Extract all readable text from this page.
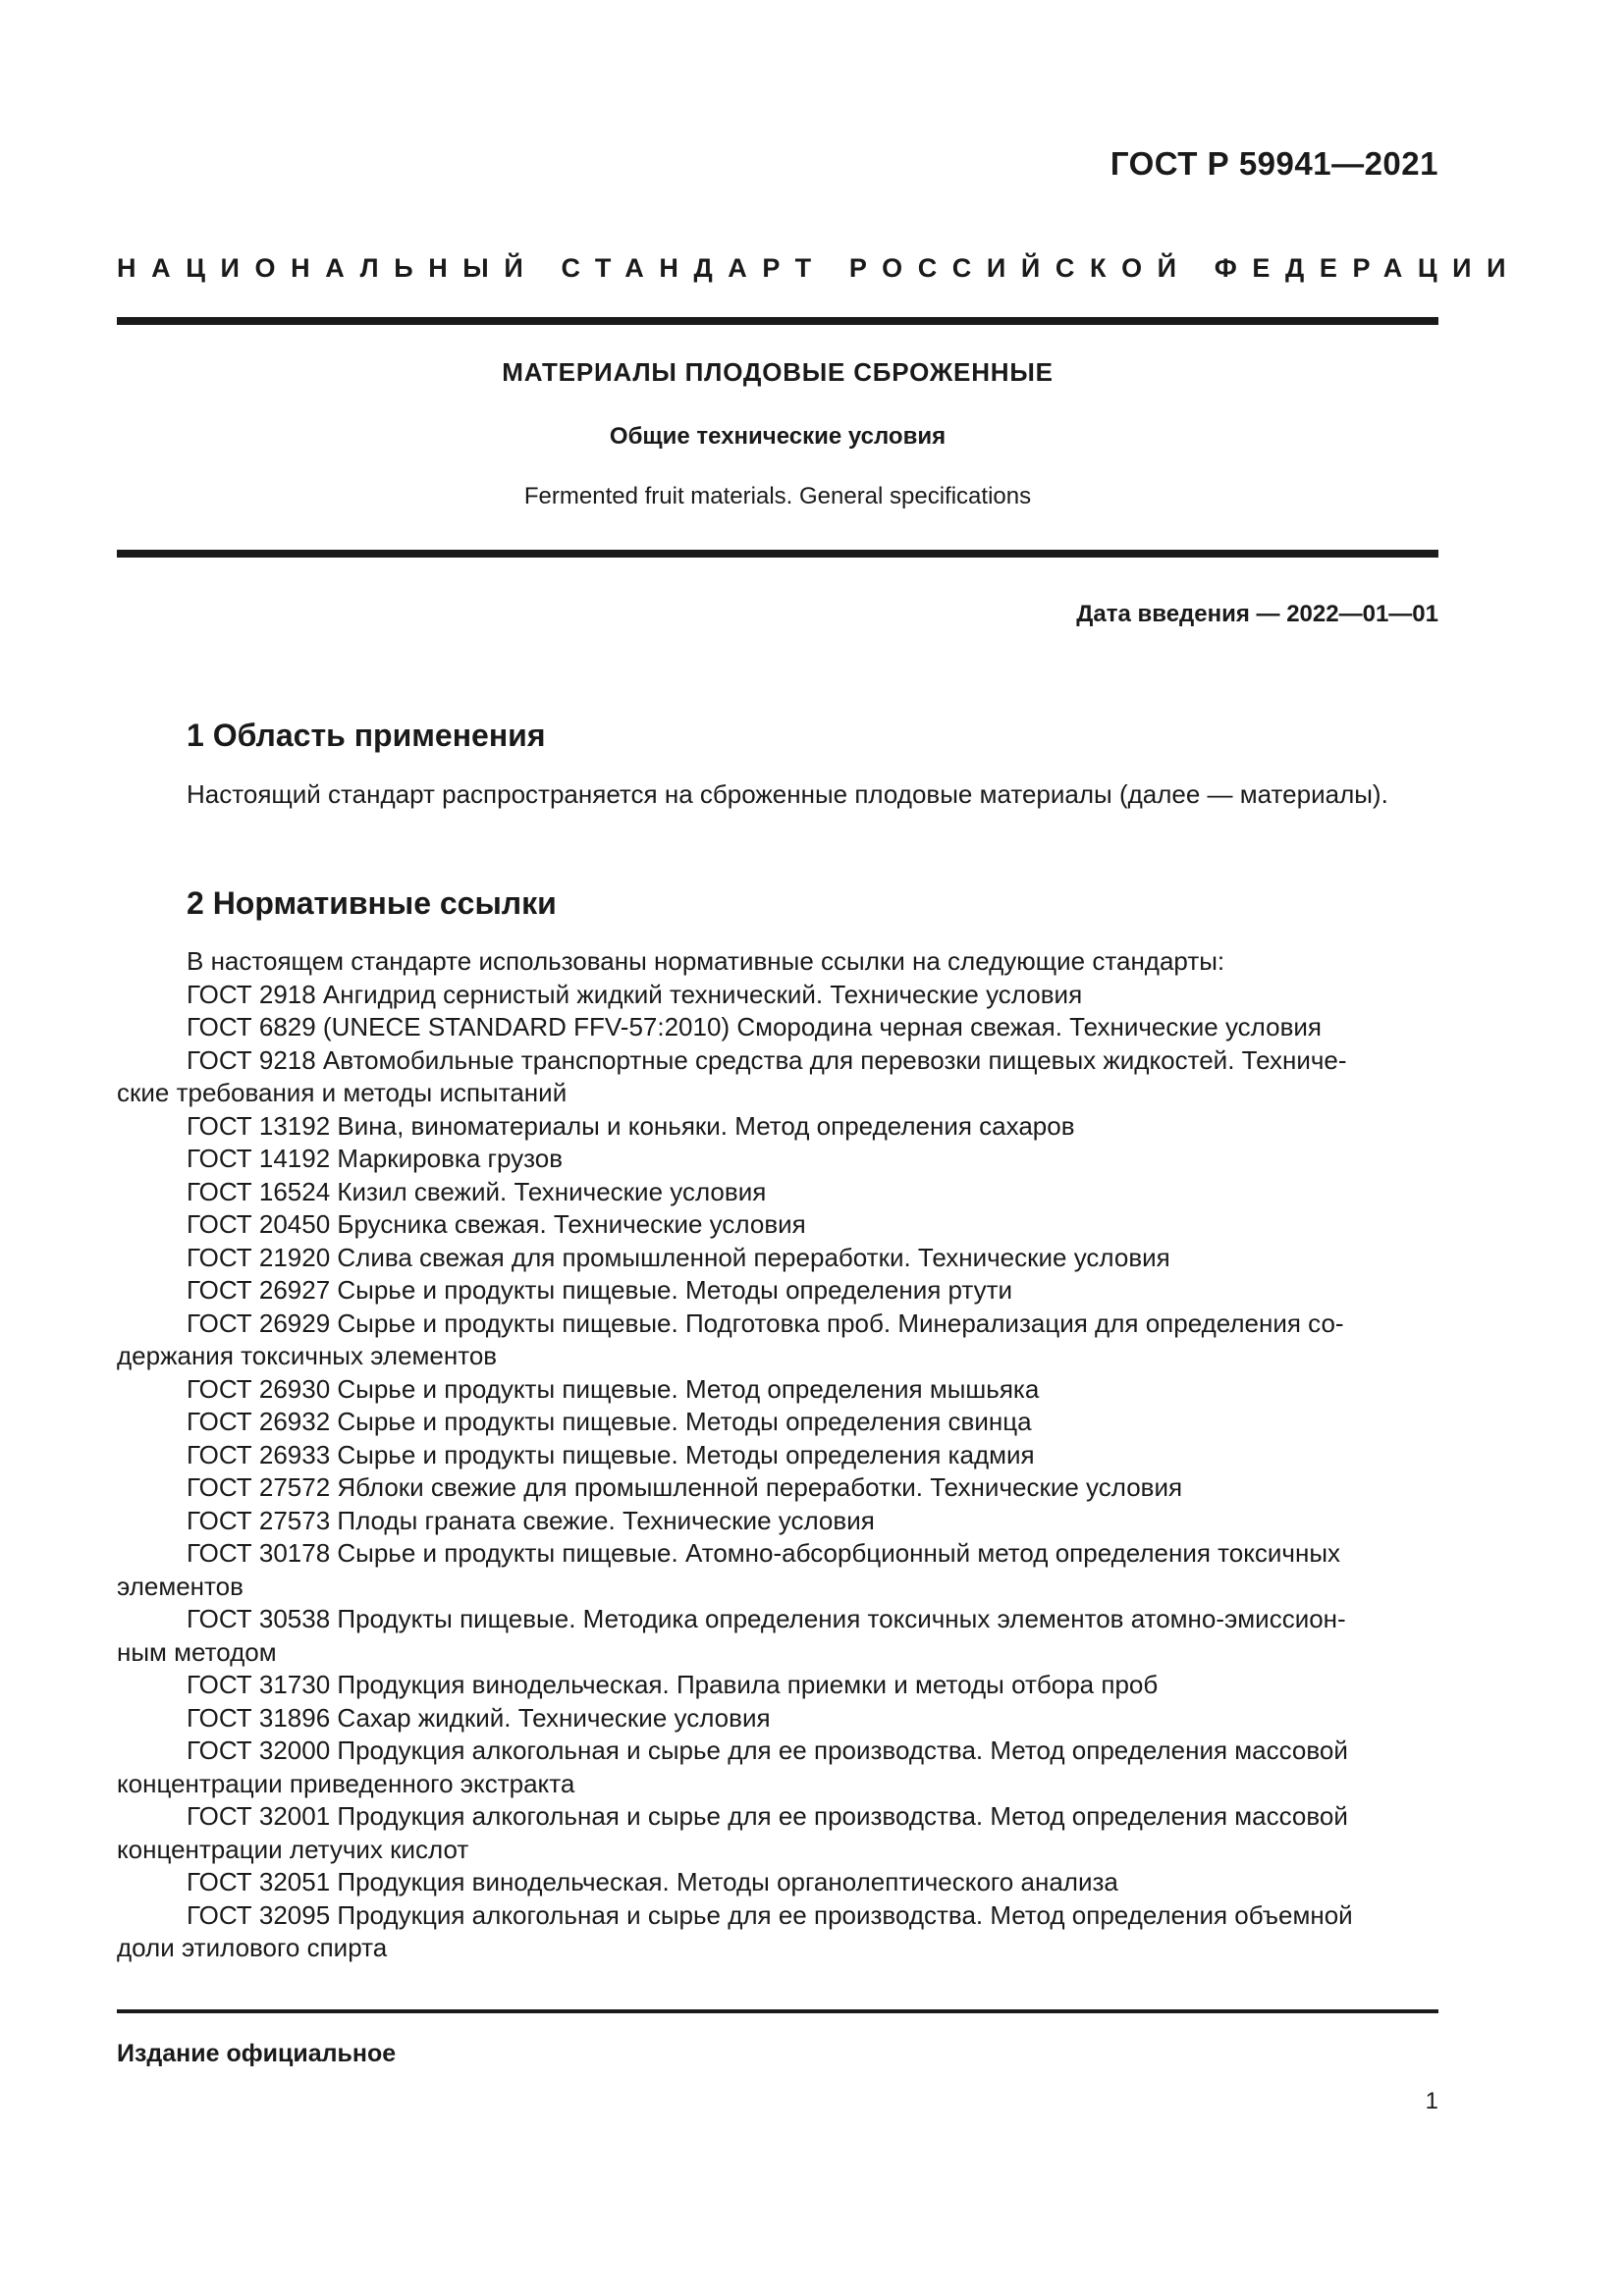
ГОСТ Р 59941—2021
НАЦИОНАЛЬНЫЙ СТАНДАРТ РОССИЙСКОЙ ФЕДЕРАЦИИ
МАТЕРИАЛЫ ПЛОДОВЫЕ СБРОЖЕННЫЕ
Общие технические условия
Fermented fruit materials. General specifications
Дата введения — 2022—01—01
1 Область применения
Настоящий стандарт распространяется на сброженные плодовые материалы (далее — материалы).
2 Нормативные ссылки
В настоящем стандарте использованы нормативные ссылки на следующие стандарты:
ГОСТ 2918 Ангидрид сернистый жидкий технический. Технические условия
ГОСТ 6829 (UNECE STANDARD FFV-57:2010) Смородина черная свежая. Технические условия
ГОСТ 9218 Автомобильные транспортные средства для перевозки пищевых жидкостей. Техниче-
ские требования и методы испытаний
ГОСТ 13192 Вина, виноматериалы и коньяки. Метод определения сахаров
ГОСТ 14192 Маркировка грузов
ГОСТ 16524 Кизил свежий. Технические условия
ГОСТ 20450 Брусника свежая. Технические условия
ГОСТ 21920 Слива свежая для промышленной переработки. Технические условия
ГОСТ 26927 Сырье и продукты пищевые. Методы определения ртути
ГОСТ 26929 Сырье и продукты пищевые. Подготовка проб. Минерализация для определения со-
держания токсичных элементов
ГОСТ 26930 Сырье и продукты пищевые. Метод определения мышьяка
ГОСТ 26932 Сырье и продукты пищевые. Методы определения свинца
ГОСТ 26933 Сырье и продукты пищевые. Методы определения кадмия
ГОСТ 27572 Яблоки свежие для промышленной переработки. Технические условия
ГОСТ 27573 Плоды граната свежие. Технические условия
ГОСТ 30178 Сырье и продукты пищевые. Атомно-абсорбционный метод определения токсичных
элементов
ГОСТ 30538 Продукты пищевые. Методика определения токсичных элементов атомно-эмиссион-
ным методом
ГОСТ 31730 Продукция винодельческая. Правила приемки и методы отбора проб
ГОСТ 31896 Сахар жидкий. Технические условия
ГОСТ 32000 Продукция алкогольная и сырье для ее производства. Метод определения массовой
концентрации приведенного экстракта
ГОСТ 32001 Продукция алкогольная и сырье для ее производства. Метод определения массовой
концентрации летучих кислот
ГОСТ 32051 Продукция винодельческая. Методы органолептического анализа
ГОСТ 32095 Продукция алкогольная и сырье для ее производства. Метод определения объемной
доли этилового спирта
Издание официальное
1
